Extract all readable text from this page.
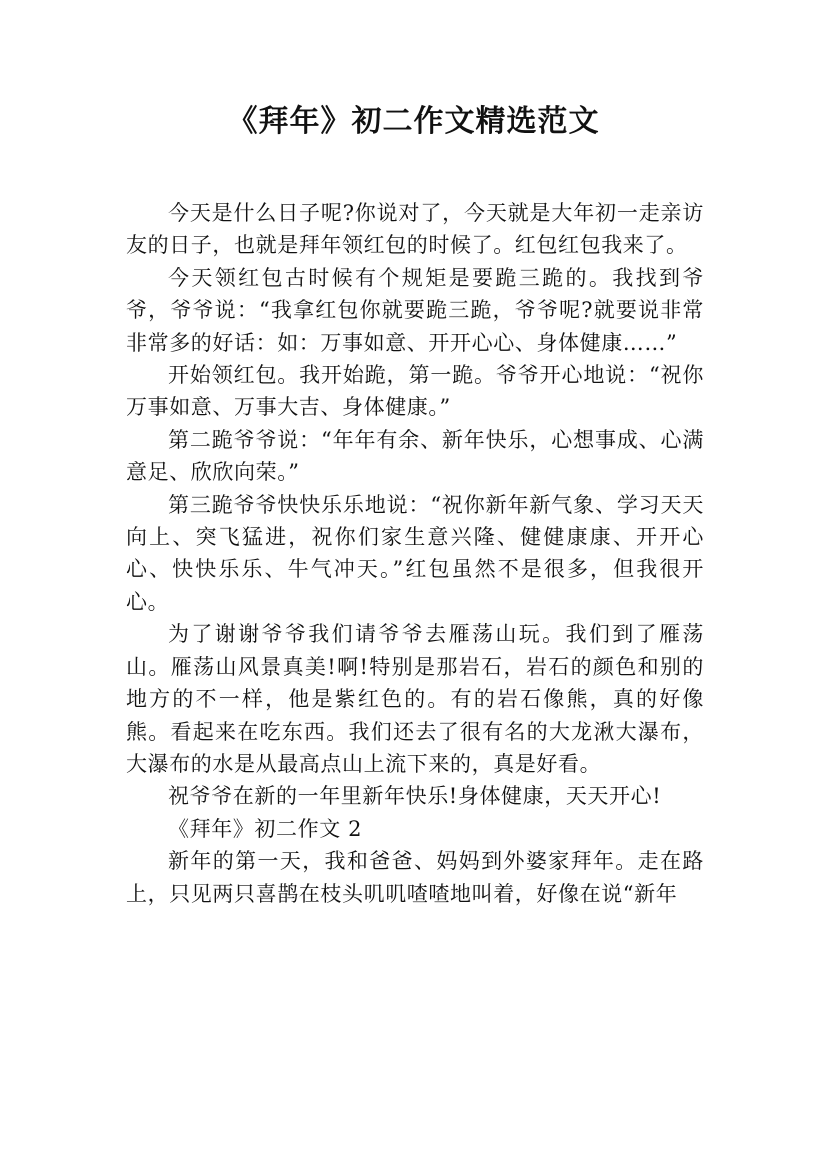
《拜年》初二作文精选范文

今天是什么日子呢?你说对了，今天就是大年初一走亲访友的日子，也就是拜年领红包的时候了。红包红包我来了。

今天领红包古时候有个规矩是要跪三跪的。我找到爷爷，爷爷说：“我拿红包你就要跪三跪，爷爷呢?就要说非常非常多的好话：如：万事如意、开开心心、身体健康……”

开始领红包。我开始跪，第一跪。爷爷开心地说：“祝你万事如意、万事大吉、身体健康。”

第二跪爷爷说：“年年有余、新年快乐，心想事成、心满意足、欣欣向荣。”

第三跪爷爷快快乐乐地说：“祝你新年新气象、学习天天向上、突飞猛进，祝你们家生意兴隆、健健康康、开开心心、快快乐乐、牛气冲天。”红包虽然不是很多，但我很开心。

为了谢谢爷爷我们请爷爷去雁荡山玩。我们到了雁荡山。雁荡山风景真美!啊!特别是那岩石，岩石的颜色和别的地方的不一样，他是紫红色的。有的岩石像熊，真的好像熊。看起来在吃东西。我们还去了很有名的大龙湫大瀑布，大瀑布的水是从最高点山上流下来的，真是好看。

祝爷爷在新的一年里新年快乐!身体健康，天天开心!

《拜年》初二作文 2

新年的第一天，我和爸爸、妈妈到外婆家拜年。走在路上，只见两只喜鹊在枝头叽叽喳喳地叫着，好像在说“新年
